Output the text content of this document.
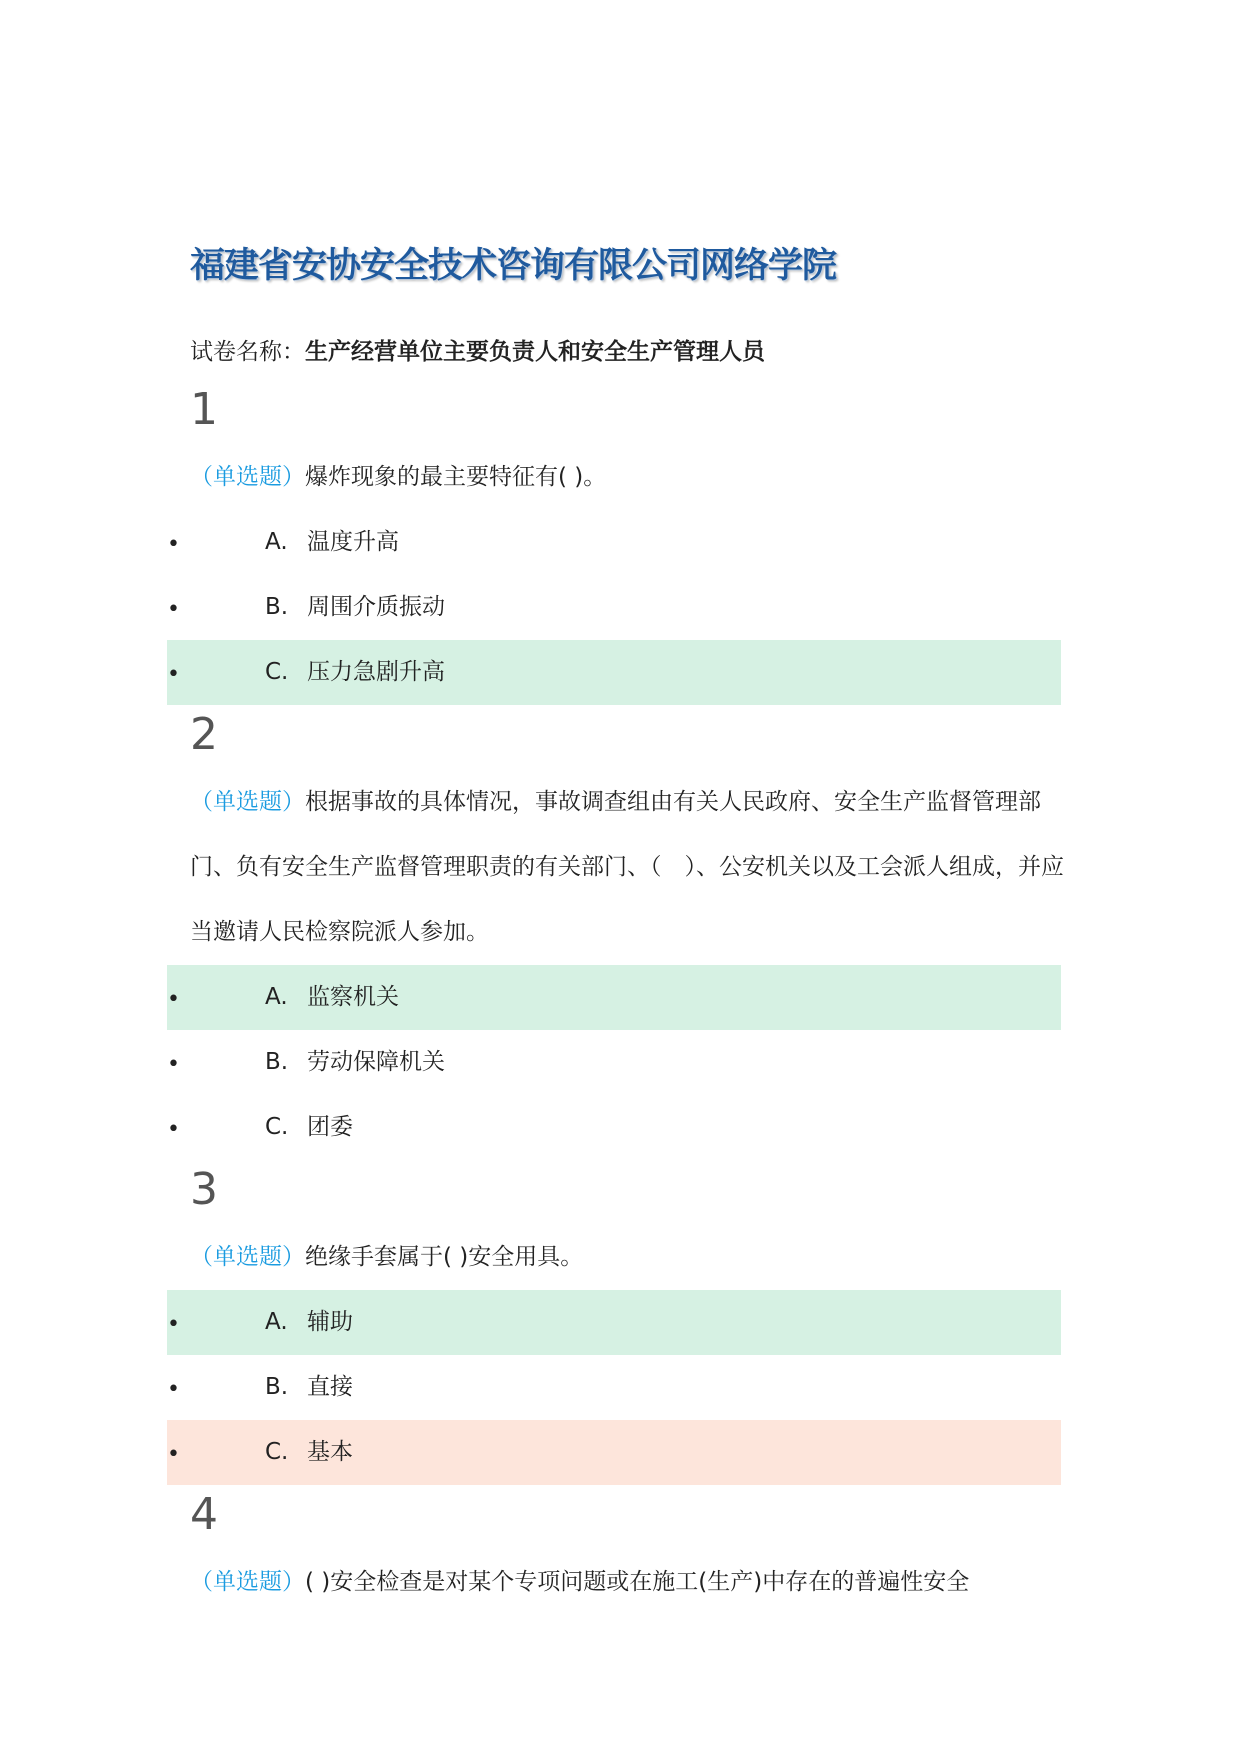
福建省安协安全技术咨询有限公司网络学院
试卷名称：生产经营单位主要负责人和安全生产管理人员
1
（单选题）爆炸现象的最主要特征有( )。
•	A. 温度升高
•	B. 周围介质振动
•	C. 压力急剧升高
2
（单选题）根据事故的具体情况，事故调查组由有关人民政府、安全生产监督管理部门、负有安全生产监督管理职责的有关部门、（　）、公安机关以及工会派人组成，并应当邀请人民检察院派人参加。
•	A. 监察机关
•	B. 劳动保障机关
•	C. 团委
3
（单选题）绝缘手套属于( )安全用具。
•	A. 辅助
•	B. 直接
•	C. 基本
4
（单选题）( )安全检查是对某个专项问题或在施工(生产)中存在的普遍性安全
